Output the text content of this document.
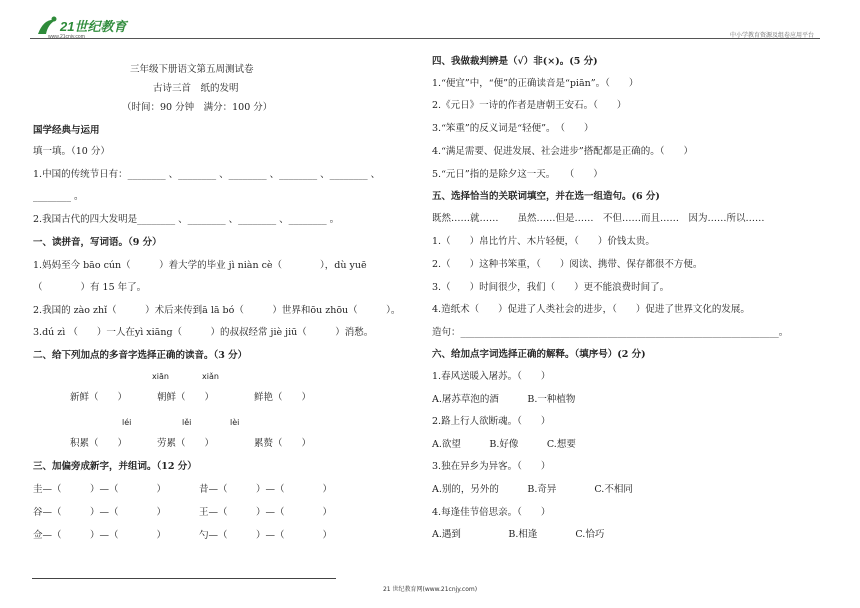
21世纪教育
www.21cnjy.com	中小学教育资源及组卷应用平台
三年级下册语文第五周测试卷
古诗三首　纸的发明
（时间：90 分钟　满分：100 分）
国学经典与运用
填一填。（10 分）
1.中国的传统节日有：________ 、________ 、________ 、________ 、________ 、
________ 。
2.我国古代的四大发明是________ 、________ 、________ 、________ 。
一、读拼音，写词语。（9 分）
1.妈妈至今 bāo cún（　　　）着大学的毕业 jì niàn cè（　　　　），dù yuē
（　　　　）有 15 年了。
2.我国的 zào zhǐ（　　　）术后来传到ā lā bó（　　　）世界和ōu zhōu（　　　）。
3.dú zì （　　）一人在yì xiāng（　　　）的叔叔经常 jiè jiū（　　　）消愁。
二、给下列加点的多音字选择正确的读音。（3 分）
xiān	xiǎn
新鲜（　　）	朝鲜（　　）	鲜艳（　　）
léi	lěi	lèi
积累（　　）	劳累（　　）	累赘（　　）
三、加偏旁成新字，并组词。（12 分）
圭—（　　　）—（　　　　）	昔—（　　　）—（　　　　）
谷—（　　　）—（　　　　）	王—（　　　）—（　　　　）
佥—（　　　）—（　　　　）	勺—（　　　）—（　　　　）
四、我做裁判辨是（√）非(×)。(5 分)
1.“便宜”中，“便”的正确读音是“piān”。（　　）
2.《元日》一诗的作者是唐朝王安石。（　　）
3.“笨重”的反义词是“轻便”。　（　　）
4.“满足需要、促进发展、社会进步”搭配都是正确的。（　　）
5.“元日”指的是除夕这一天。　　（　　）
五、选择恰当的关联词填空，并在选一组造句。(6 分)
既然……就……　　虽然……但是……　不但……而且……　因为……所以……
1.（　　）帛比竹片、木片轻便，（　　）价钱太贵。
2.（　　）这种书笨重，（　　）阅读、携带、保存都很不方便。
3.（　　）时间很少，我们（　　）更不能浪费时间了。
4.造纸术（　　）促进了人类社会的进步，（　　）促进了世界文化的发展。
造句：___________________________________________________________________。
六、给加点字词选择正确的解释。（填序号）(2 分)
1.春风送暖入屠苏。（　　）
A.屠苏草泡的酒　　　B.一种植物
2.路上行人欲断魂。（　　）
A.欲望　　　B.好像　　　C.想要
3.独在异乡为异客。（　　）
A.别的，另外的　　　B.奇异　　　　C.不相同
4.每逢佳节倍思亲。（　　）
A.遇到　　　　　B.相逢　　　　C.恰巧
21 世纪教育网(www.21cnjy.com)
